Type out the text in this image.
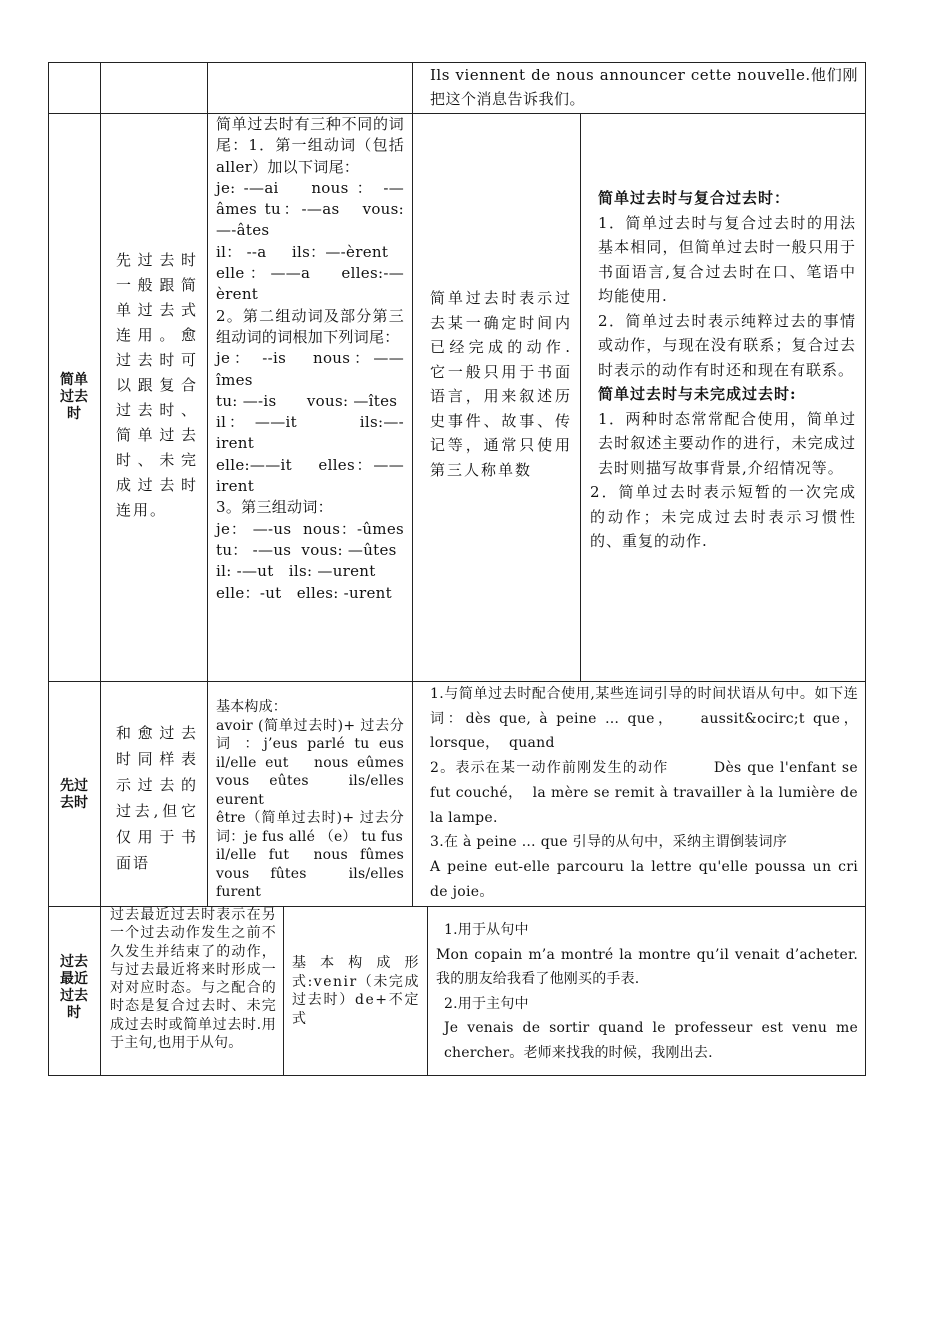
Ils viennent de nous announcer cette nouvelle.他们刚把这个消息告诉我们。
简单过去时
先过去时一般跟简单过去式连用。愈过去时可以跟复合过去时、简单过去时、未完成过去时连用。
简单过去时有三种不同的词尾：1．第一组动词（包括 aller）加以下词尾：
je: -—ai    nous ： -—âmes tu：-—as   vous: —-âtes
il： --a     ils：—-èrent
elle：——a   elles:-—èrent
2。第二组动词及部分第三组动词的词根加下列词尾：
je： --is   nous：——îmes
tu: —-is      vous: —îtes
il： ——it        ils:—-irent
elle:——it    elles：——irent
3。第三组动词：
je： —-us  nous：-ûmes tu： -—us  vous: —ûtes
il: -—ut   ils: —urent
elle：-ut   elles: -urent
简单过去时表示过去某一确定时间内已经完成的动作.它一般只用于书面语言，用来叙述历史事件、故事、传记等，通常只使用第三人称单数
简单过去时与复合过去时：
1．简单过去时与复合过去时的用法基本相同，但简单过去时一般只用于书面语言,复合过去时在口、笔语中均能使用.
2．简单过去时表示纯粹过去的事情或动作，与现在没有联系；复合过去时表示的动作有时还和现在有联系。
简单过去时与未完成过去时:
1．两种时态常常配合使用，简单过去时叙述主要动作的进行，未完成过去时则描写故事背景,介绍情况等。
2．简单过去时表示短暂的一次完成的动作；未完成过去时表示习惯性的、重复的动作.
先过去时
和愈过去时同样表示过去的过去,但它仅用于书面语
基本构成：
avoir (简单过去时)+ 过去分词 ：j’eus parlé tu eus il/elle eut   nous eûmes vous eûtes  ils/elles eurent
être（简单过去时)+ 过去分词：je fus allé （e） tu fus
il/elle fut  nous fûmes  vous fûtes  ils/elles furent
1.与简单过去时配合使用,某些连词引导的时间状语从句中。如下连词：dès que, à peine … que，   aussit&ocirc;t que，  lorsque，  quand
2。表示在某一动作前刚发生的动作        Dès que l'enfant se fut couché，  la mère se remit à travailler à la lumière de la lampe.
3.在 à peine … que 引导的从句中，采纳主谓倒装词序
A peine eut-elle parcouru la lettre qu'elle poussa un cri de joie。
过去最近过去时
过去最近过去时表示在另一个过去动作发生之前不久发生并结束了的动作，与过去最近将来时形成一对对应时态。与之配合的时态是复合过去时、未完成过去时或简单过去时.用于主句,也用于从句。
基本构成形式:venir（未完成过去时）de+不定式
1.用于从句中
Mon copain m’a montré la montre qu’il venait d’acheter.我的朋友给我看了他刚买的手表.
2.用于主句中
Je venais de sortir quand le professeur est venu me chercher。老师来找我的时候，我刚出去.
